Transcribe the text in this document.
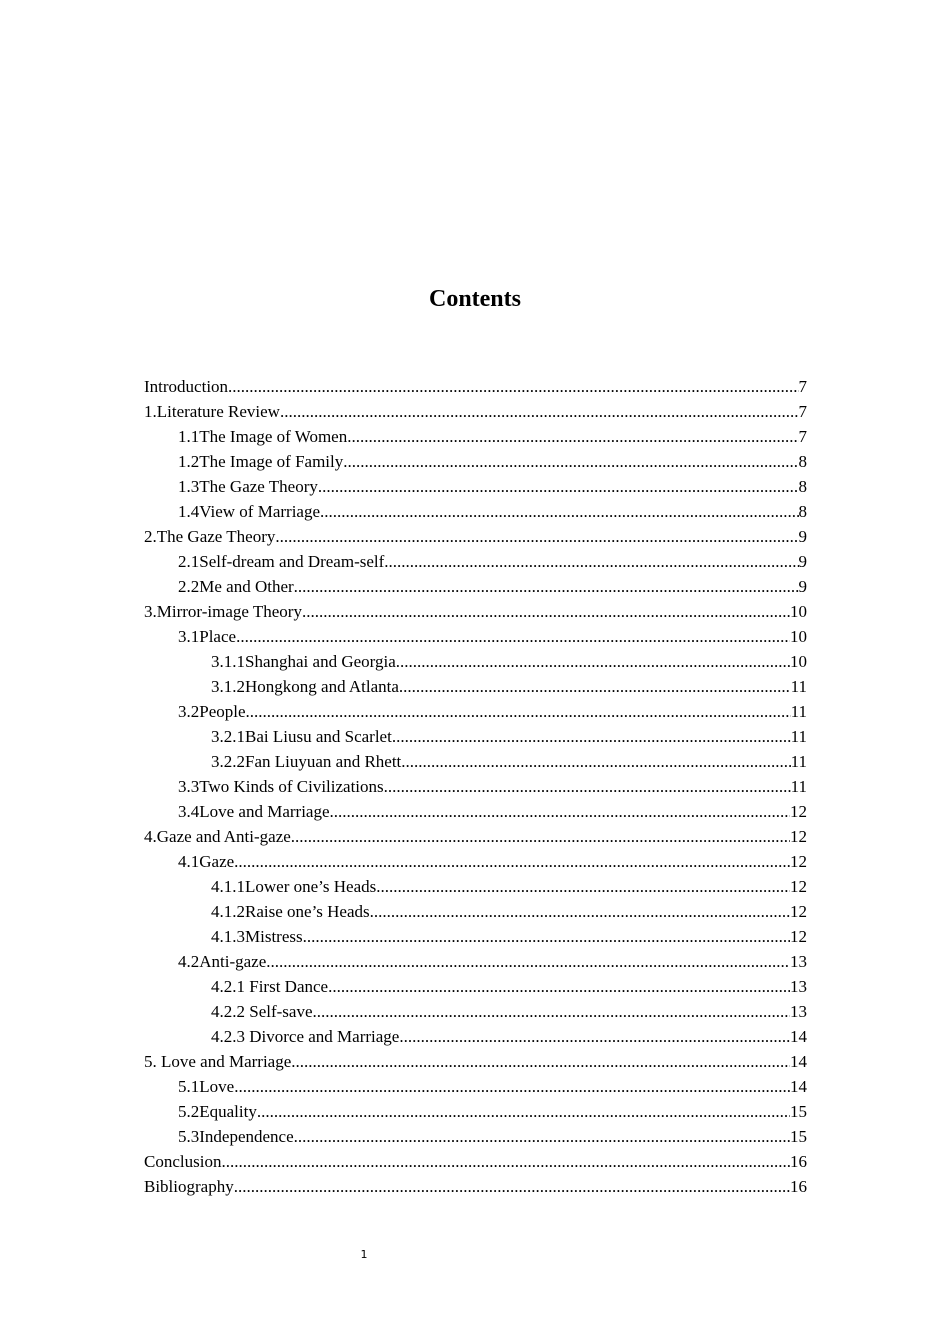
Contents
Introduction .....	7
1.Literature Review .....	7
1.1The Image of Women .....	7
1.2The Image of Family .....	8
1.3The Gaze Theory .....	8
1.4View of Marriage .....	8
2.The Gaze Theory .....	9
2.1Self-dream and Dream-self .....	9
2.2Me and Other .....	9
3.Mirror-image Theory .....	10
3.1Place .....	10
3.1.1Shanghai and Georgia .....	10
3.1.2Hongkong and Atlanta .....	11
3.2People .....	11
3.2.1Bai Liusu and Scarlet .....	11
3.2.2Fan Liuyuan and Rhett .....	11
3.3Two Kinds of Civilizations .....	11
3.4Love and Marriage .....	12
4.Gaze and Anti-gaze .....	12
4.1Gaze .....	12
4.1.1Lower one’s Heads .....	12
4.1.2Raise one’s Heads .....	12
4.1.3Mistress .....	12
4.2Anti-gaze .....	13
4.2.1 First Dance .....	13
4.2.2 Self-save .....	13
4.2.3 Divorce and Marriage .....	14
5. Love and Marriage .....	14
5.1Love .....	14
5.2Equality .....	15
5.3Independence .....	15
Conclusion .....	16
Bibliography .....	16
1
